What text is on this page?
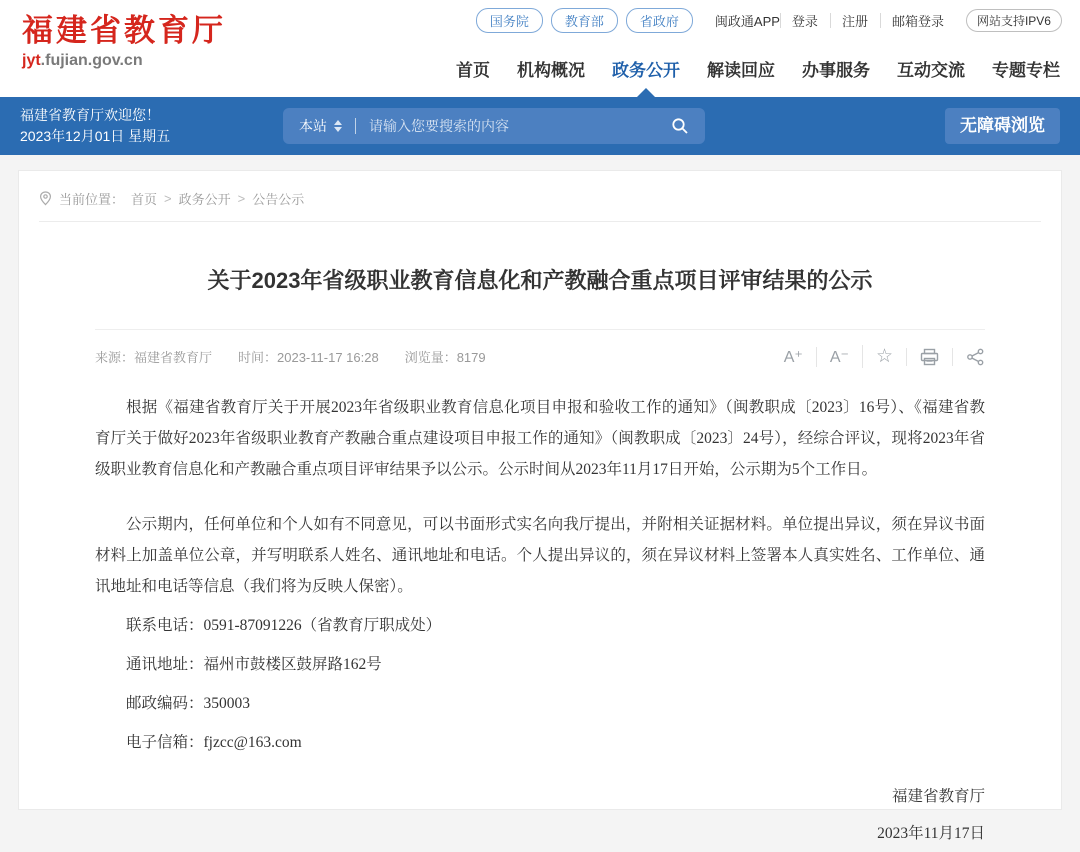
国务院	教育部	省政府	闽政通APP 登录	注册	邮箱登录	网站支持IPV6
福建省教育厅
jyt.fujian.gov.cn
首页 机构概况 政务公开 解读回应 办事服务 互动交流 专题专栏
福建省教育厅欢迎您！
2023年12月01日 星期五
本站
请输入您要搜索的内容	无障碍浏览
当前位置： 首页 > 政务公开 > 公告公示
关于2023年省级职业教育信息化和产教融合重点项目评审结果的公示
来源：福建省教育厅 时间：2023-11-17 16:28 浏览量：8179	A⁺	A⁻	☆

根据《福建省教育厅关于开展2023年省级职业教育信息化项目申报和验收工作的通知》（闽教职成〔2023〕16号）、《福建省教育厅关于做好2023年省级职业教育产教融合重点建设项目申报工作的通知》（闽教职成〔2023〕24号），经综合评议，现将2023年省级职业教育信息化和产教融合重点项目评审结果予以公示。公示时间从2023年11月17日开始，公示期为5个工作日。

公示期内，任何单位和个人如有不同意见，可以书面形式实名向我厅提出，并附相关证据材料。单位提出异议，须在异议书面材料上加盖单位公章，并写明联系人姓名、通讯地址和电话。个人提出异议的，须在异议材料上签署本人真实姓名、工作单位、通讯地址和电话等信息（我们将为反映人保密）。

联系电话：0591-87091226（省教育厅职成处）

通讯地址：福州市鼓楼区鼓屏路162号

邮政编码：350003

电子信箱：fjzcc@163.com

福建省教育厅
2023年11月17日
